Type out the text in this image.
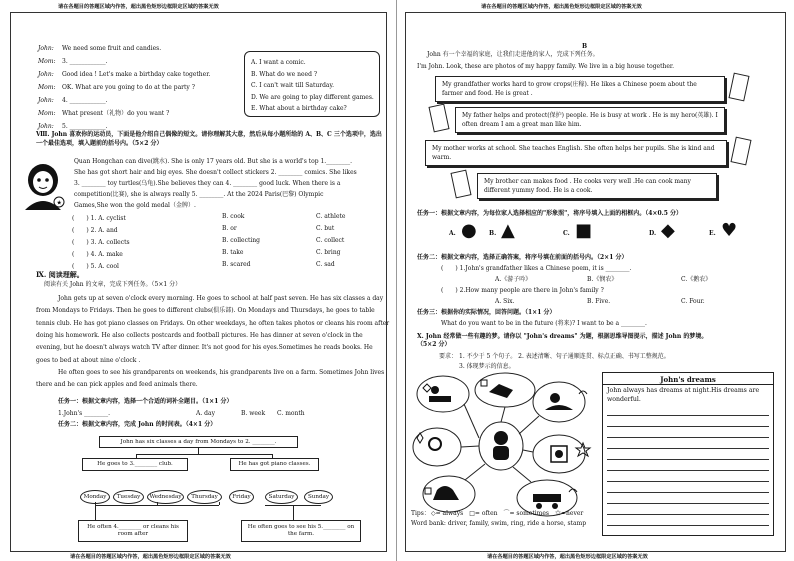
请在各题目的答题区域内作答，超出黑色矩形边框限定区域的答案无效
John: We need some fruit and candies.
Mom: 3. ____________.
John: Good idea ! Let's make a birthday cake together.
Mom: OK. What are you going to do at the party ?
John: 4. ____________.
Mom: What present（礼物）do you want ?
John: 5. ____________.
A. I want a comic.
B. What do we need ?
C. I can't wait till Saturday.
D. We are going to play different games.
E. What about a birthday cake?
Ⅷ. John 喜欢你的运动员，下面是他介绍自己偶像的短文。请你理解其大意，然后从每小题所给的 A、B、C 三个选项中，选出一个最佳选项，填入题前的括号内。（5×2 分）
★
Quan Hongchan can dive(跳水). She is only 17 years old. But she is a world's top 1.________.
She has got short hair and big eyes. She doesn't collect stickers 2. ________ comics. She likes
3. ________ toy turtles(乌龟).She believes they can 4. ________ good luck. When there is a
competition(比赛), she is always really 5. ________. At the 2024 Paris(巴黎) Olympic
Games,She won the gold medal（金牌）.
(　　) 1. A. cyclist	B. cook	C. athlete
(　　) 2. A. and	B. or	C. but
(　　) 3. A. collects	B. collecting	C. collect
(　　) 4. A. make	B. take	C. bring
(　　) 5. A. cool	B. scared	C. sad
Ⅸ. 阅读理解。
阅读有关 John 的文章，完成下列任务。（5×1 分）
John gets up at seven o'clock every morning. He goes to school at half past seven. He has six classes a day
from Mondays to Fridays. Then he goes to different clubs(俱乐部). On Mondays and Thursdays, he goes to table
tennis club. He has got piano classes on Fridays. On other weekdays, he often takes photos or cleans his room after
doing his homework. He also collects postcards and football pictures. He has dinner at seven o'clock in the
evening, but he doesn't always watch TV after dinner. It's not good for his eyes.Sometimes he reads books. He
goes to bed at about nine o'clock .
He often goes to see his grandparents on weekends, his grandparents live on a farm. Sometimes John lives
there and he can pick apples and feed animals there.
任务一：根据文章内容，选择一个合适的词补全题目。（1×1 分）
1.John's ________.	A. day	B. week C. month
任务二：根据文章内容，完成 John 的时间表。（4×1 分）
John has six classes a day from Mondays to 2. ________.
He goes to 3.________ club.	He has got piano classes.
Monday	Tuesday	Wednesday	Thursday	Friday	Saturday	Sunday
He often 4.________ or cleans his room after
He often goes to see his 5.________ on the farm.
请在各题目的答题区域内作答，超出黑色矩形边框限定区域的答案无效
请在各题目的答题区域内作答，超出黑色矩形边框限定区域的答案无效
B
John 有一个幸福的家庭，让我们走进他的家人，完成下列任务。
I'm John. Look, these are photos of my happy family. We live in a big house together.
My grandfather works hard to grow crops(庄稼). He likes a Chinese poem about the farmer and food. He is great .
My father helps and protect(保护) people. He is busy at work . He is my hero(英雄). I often dream I am a great man like him.
My mother works at school. She teaches English. She often helps her pupils. She is kind and warm.
My brother can makes food . He cooks very well .He can cook many different yummy food. He is a cook.
任务一：根据文章内容，为每位家人选择相应的"形象照"，将序号填入上面的相框内。（4×0.5 分）
A. ● B. ▲	C. ■	D. ◆	E. ♥
任务二：根据文章内容，选择正确答案，将序号填在前面的括号内。（2×1 分）
(　　) 1.John's grandfather likes a Chinese poem, it is ________.
A.《游子吟》	B.《悯农》	C.《鹅农》
(　　) 2.How many people are there in John's family ?
A. Six.	B. Five.	C. Four.
任务三：根据你的实际情况，回答问题。（1×1 分）
What do you want to be in the future (将来)? I want to be a ________.
Ⅹ. John 经常做一些有趣的梦。请你以 "John's dreams" 为题，根据思维导图提示，描述 John 的梦境。
（5×2 分）
要求： 1. 不少于 5 个句子。 2. 表述清晰、句子通顺连贯、标点正确、书写工整规范。
3. 体现梦示的信息。
John's dreams
John always has dreams at night.His dreams are wonderful.
Tips： ◇= always　□= often　⌒= sometimes　☆=never
Word bank: driver, family, swim, ring, ride a horse, stamp
请在各题目的答题区域内作答，超出黑色矩形边框限定区域的答案无效
